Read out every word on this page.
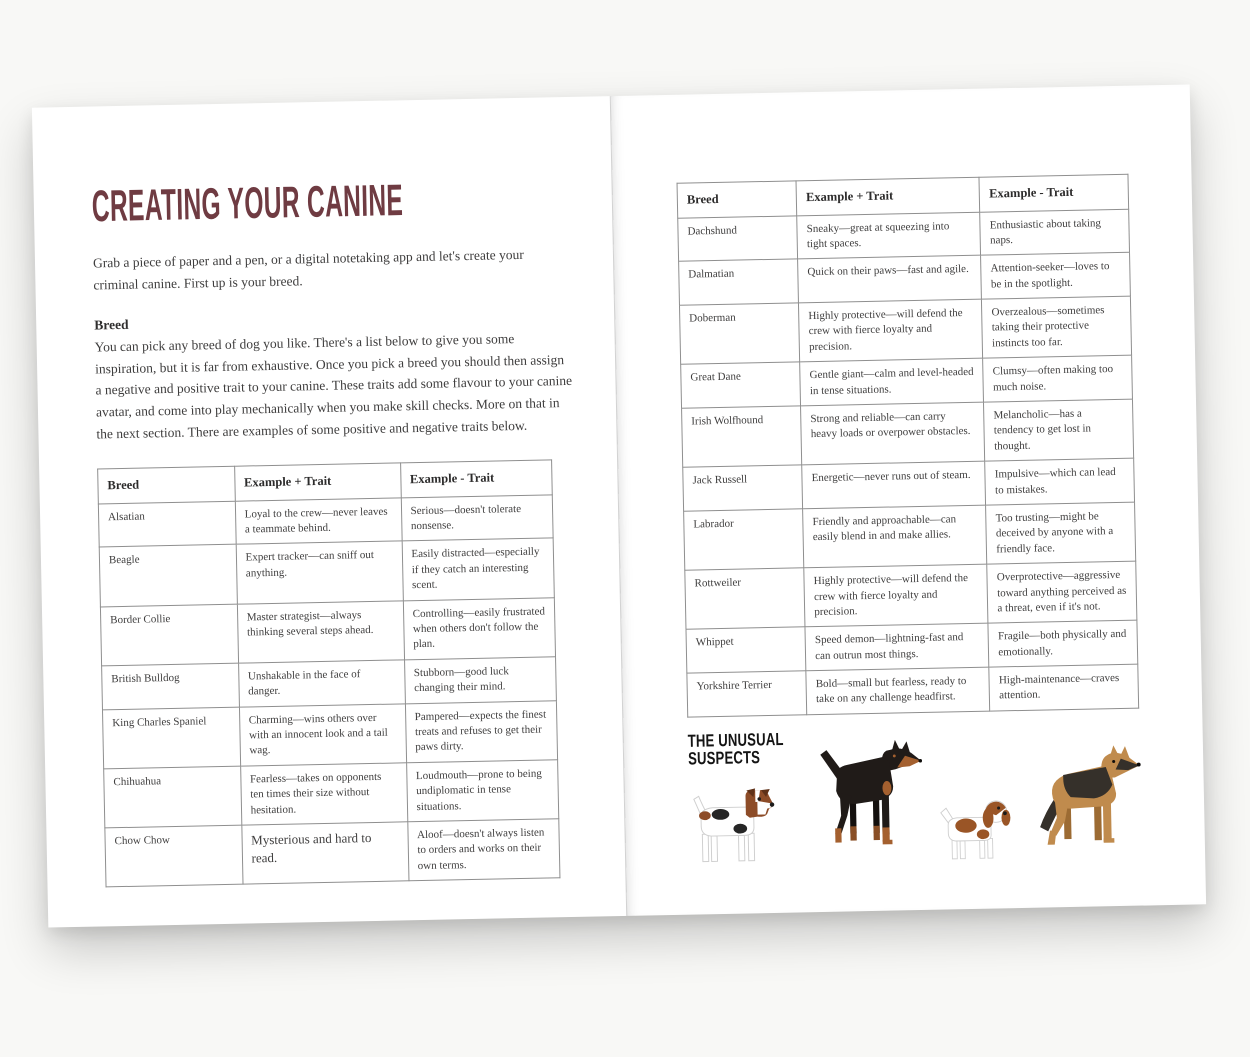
CREATING YOUR CANINE

Grab a piece of paper and a pen, or a digital notetaking app and let's create your criminal canine. First up is your breed.

Breed

You can pick any breed of dog you like. There's a list below to give you some inspiration, but it is far from exhaustive. Once you pick a breed you should then assign a negative and positive trait to your canine. These traits add some flavour to your canine avatar, and come into play mechanically when you make skill checks. More on that in the next section. There are examples of some positive and negative traits below.

Breed	Example + Trait	Example - Trait
Alsatian	Loyal to the crew—never leaves a teammate behind.	Serious—doesn't tolerate nonsense.
Beagle	Expert tracker—can sniff out anything.	Easily distracted—especially if they catch an interesting scent.
Border Collie	Master strategist—always thinking several steps ahead.	Controlling—easily frustrated when others don't follow the plan.
British Bulldog	Unshakable in the face of danger.	Stubborn—good luck changing their mind.
King Charles Spaniel	Charming—wins others over with an innocent look and a tail wag.	Pampered—expects the finest treats and refuses to get their paws dirty.
Chihuahua	Fearless—takes on opponents ten times their size without hesitation.	Loudmouth—prone to being undiplomatic in tense situations.
Chow Chow	Mysterious and hard to read.	Aloof—doesn't always listen to orders and works on their own terms.
Breed	Example + Trait	Example - Trait
Dachshund	Sneaky—great at squeezing into tight spaces.	Enthusiastic about taking naps.
Dalmatian	Quick on their paws—fast and agile.	Attention-seeker—loves to be in the spotlight.
Doberman	Highly protective—will defend the crew with fierce loyalty and precision.	Overzealous—sometimes taking their protective instincts too far.
Great Dane	Gentle giant—calm and level-headed in tense situations.	Clumsy—often making too much noise.
Irish Wolfhound	Strong and reliable—can carry heavy loads or overpower obstacles.	Melancholic—has a tendency to get lost in thought.
Jack Russell	Energetic—never runs out of steam.	Impulsive—which can lead to mistakes.
Labrador	Friendly and approachable—can easily blend in and make allies.	Too trusting—might be deceived by anyone with a friendly face.
Rottweiler	Highly protective—will defend the crew with fierce loyalty and precision.	Overprotective—aggressive toward anything perceived as a threat, even if it's not.
Whippet	Speed demon—lightning-fast and can outrun most things.	Fragile—both physically and emotionally.
Yorkshire Terrier	Bold—small but fearless, ready to take on any challenge headfirst.	High-maintenance—craves attention.
THE UNUSUAL
SUSPECTS
